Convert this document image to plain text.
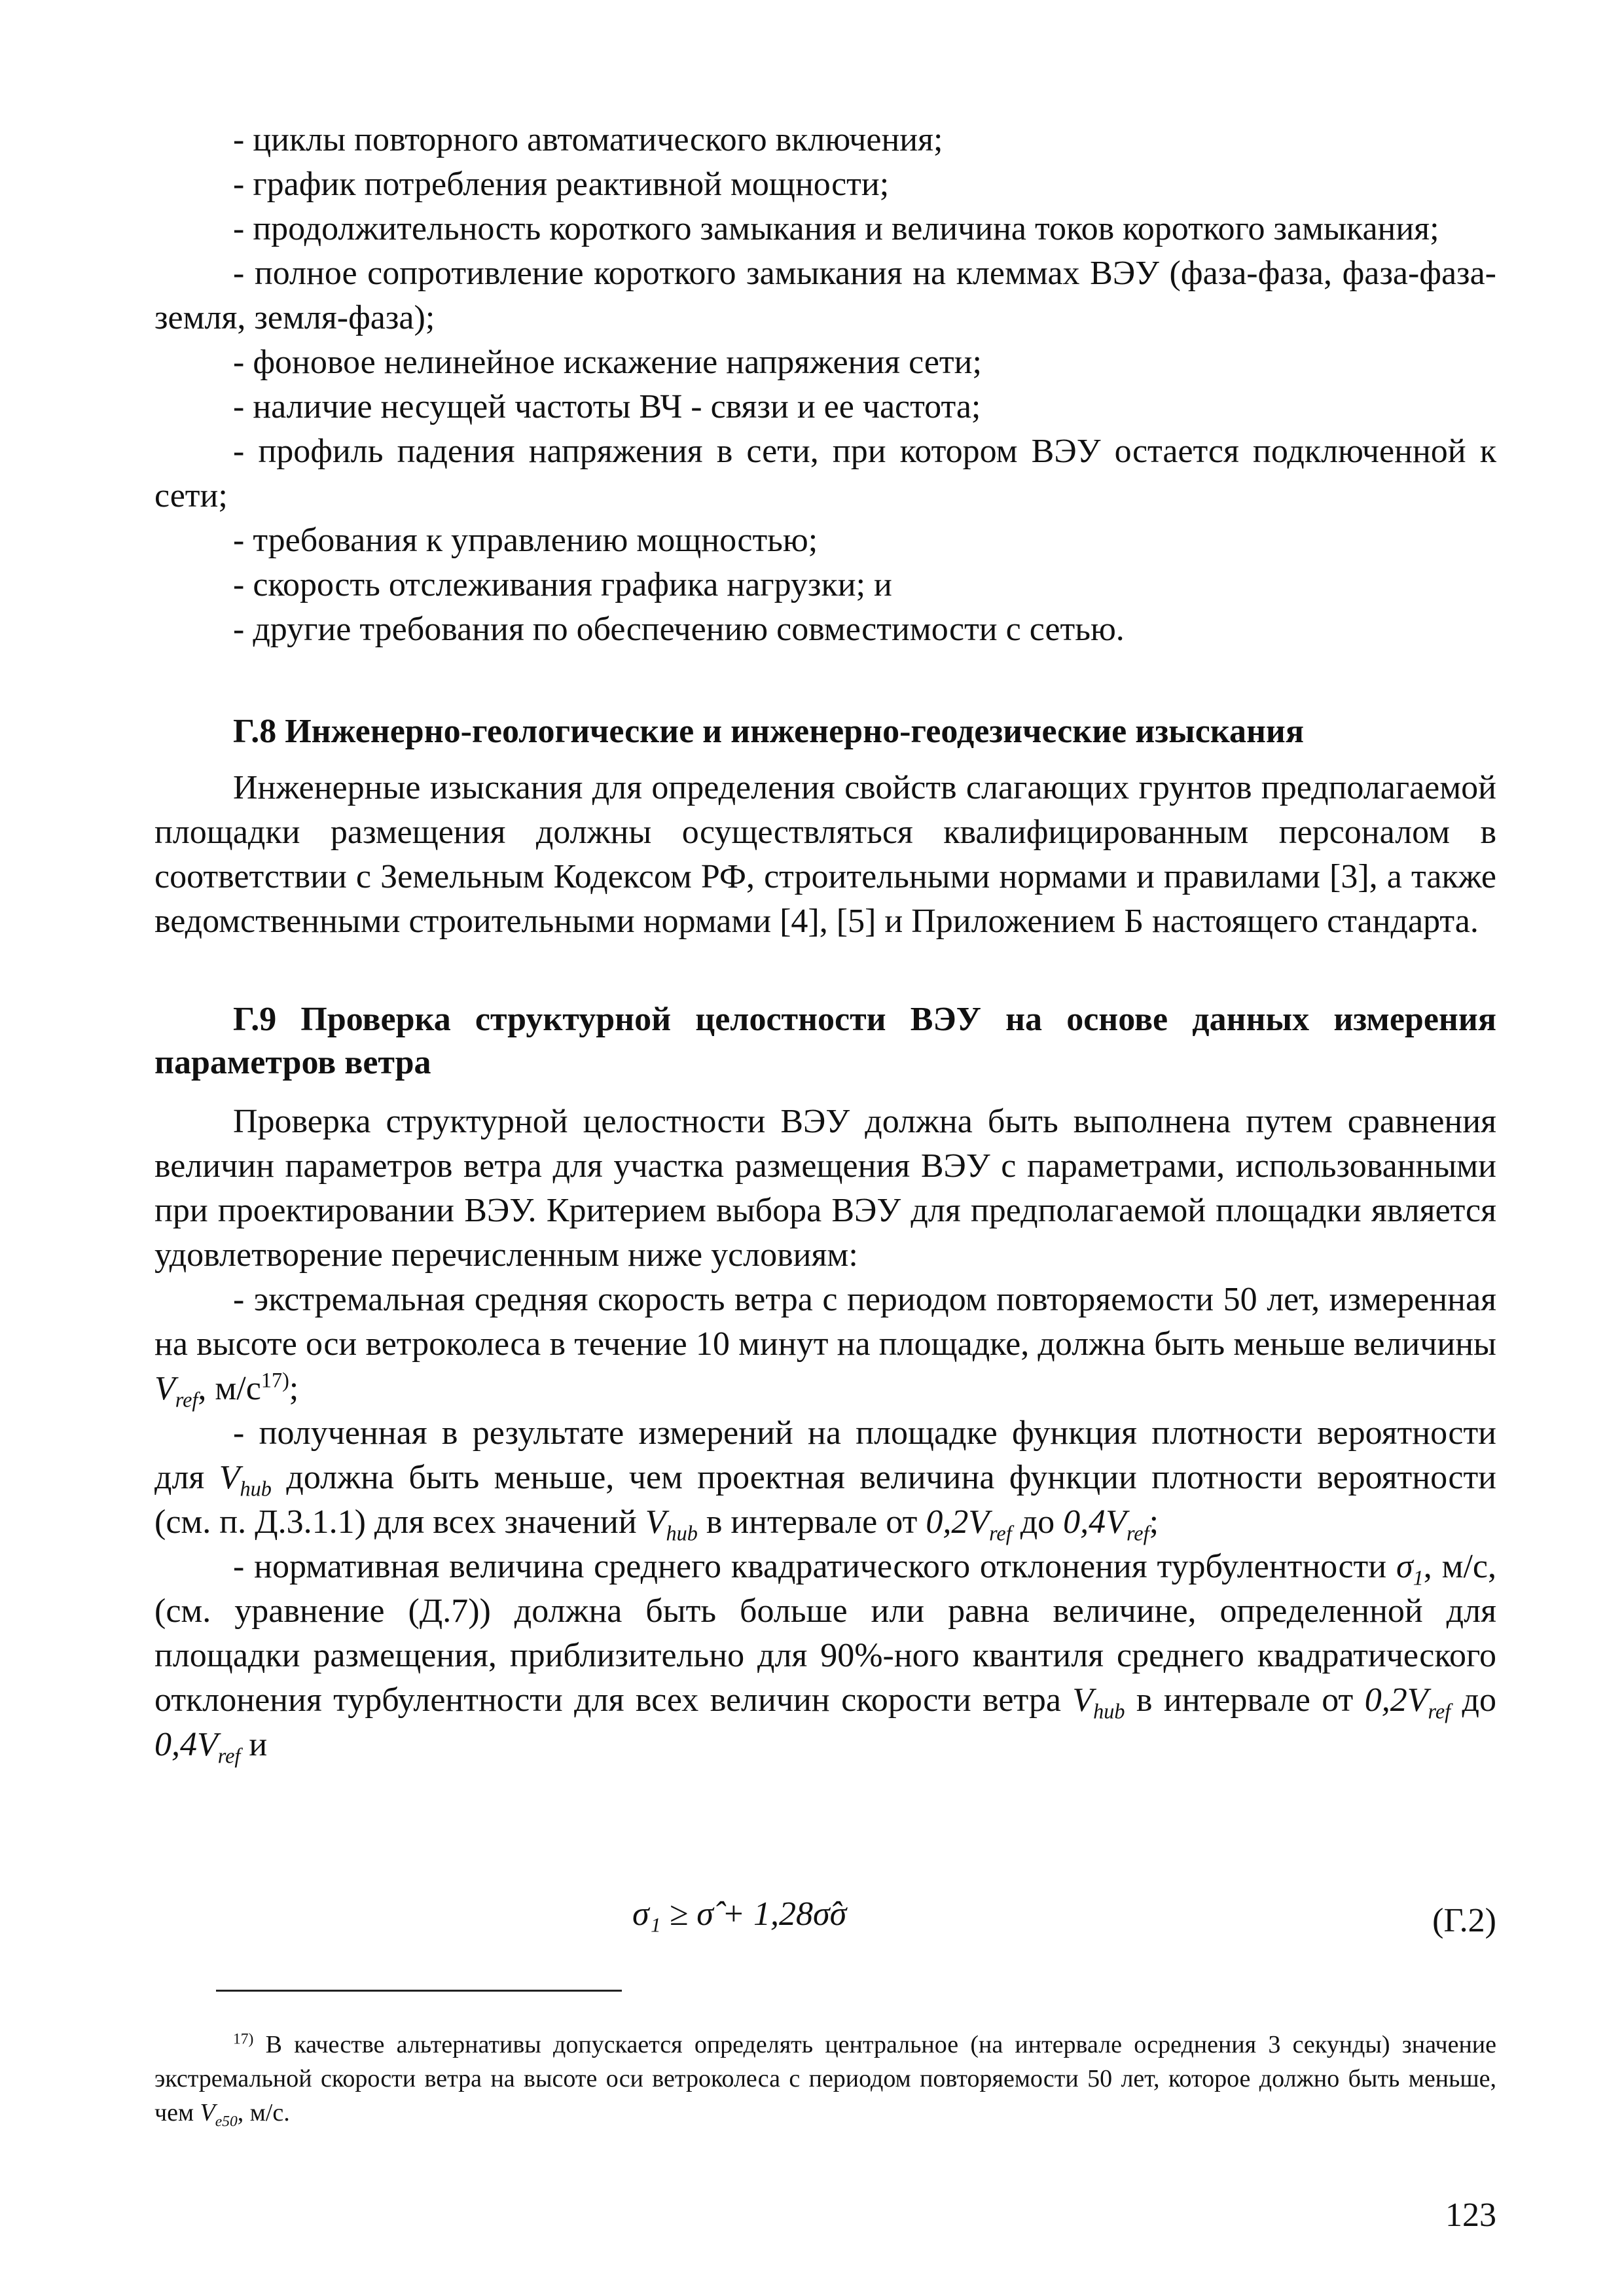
- циклы повторного автоматического включения;
- график потребления реактивной мощности;
- продолжительность короткого замыкания и величина токов короткого замыкания;
- полное сопротивление короткого замыкания на клеммах ВЭУ (фаза-фаза, фаза-фаза-земля, земля-фаза);
- фоновое нелинейное искажение напряжения сети;
- наличие несущей частоты ВЧ - связи и ее частота;
- профиль падения напряжения в сети, при котором ВЭУ остается подключенной к сети;
- требования к управлению мощностью;
- скорость отслеживания графика нагрузки; и
- другие требования по обеспечению совместимости с сетью.
Г.8 Инженерно-геологические и инженерно-геодезические изыскания

Инженерные изыскания для определения свойств слагающих грунтов предполагаемой площадки размещения должны осуществляться квалифицированным персоналом в соответствии с Земельным Кодексом РФ, строительными нормами и правилами [3], а также ведомственными строительными нормами [4], [5] и Приложением Б настоящего стандарта.

Г.9 Проверка структурной целостности ВЭУ на основе данных измерения параметров ветра

Проверка структурной целостности ВЭУ должна быть выполнена путем сравнения величин параметров ветра для участка размещения ВЭУ с параметрами, использованными при проектировании ВЭУ. Критерием выбора ВЭУ для предполагаемой площадки является удовлетворение перечисленным ниже условиям:

- экстремальная средняя скорость ветра с периодом повторяемости 50 лет, измеренная на высоте оси ветроколеса в течение 10 минут на площадке, должна быть меньше величины $V_{ref}$, $м/с^{17)}$;

- полученная в результате измерений на площадке функция плотности вероятности для $V_{hub}$ должна быть меньше, чем проектная величина функции плотности вероятности (см. п. Д.3.1.1) для всех значений $V_{hub}$ в интервале от $0,2V_{ref}$ до $0,4V_{ref}$;

- нормативная величина среднего квадратического отклонения турбулентности $\sigma_1$, м/с, (см. уравнение (Д.7)) должна быть больше или равна величине, определенной для площадки размещения, приблизительно для 90%-ного квантиля среднего квадратического отклонения турбулентности для всех величин скорости ветра $V_{hub}$ в интервале от $0,2V_{ref}$ до $0,4V_{ref}$ и

σ₁ ≥ σ̂ + 1,28σ̂σ	(Г.2)

$^{17)}$ В качестве альтернативы допускается определять центральное (на интервале осреднения 3 секунды) значение экстремальной скорости ветра на высоте оси ветроколеса с периодом повторяемости 50 лет, которое должно быть меньше, чем $V_{e50}$, м/с.

123
